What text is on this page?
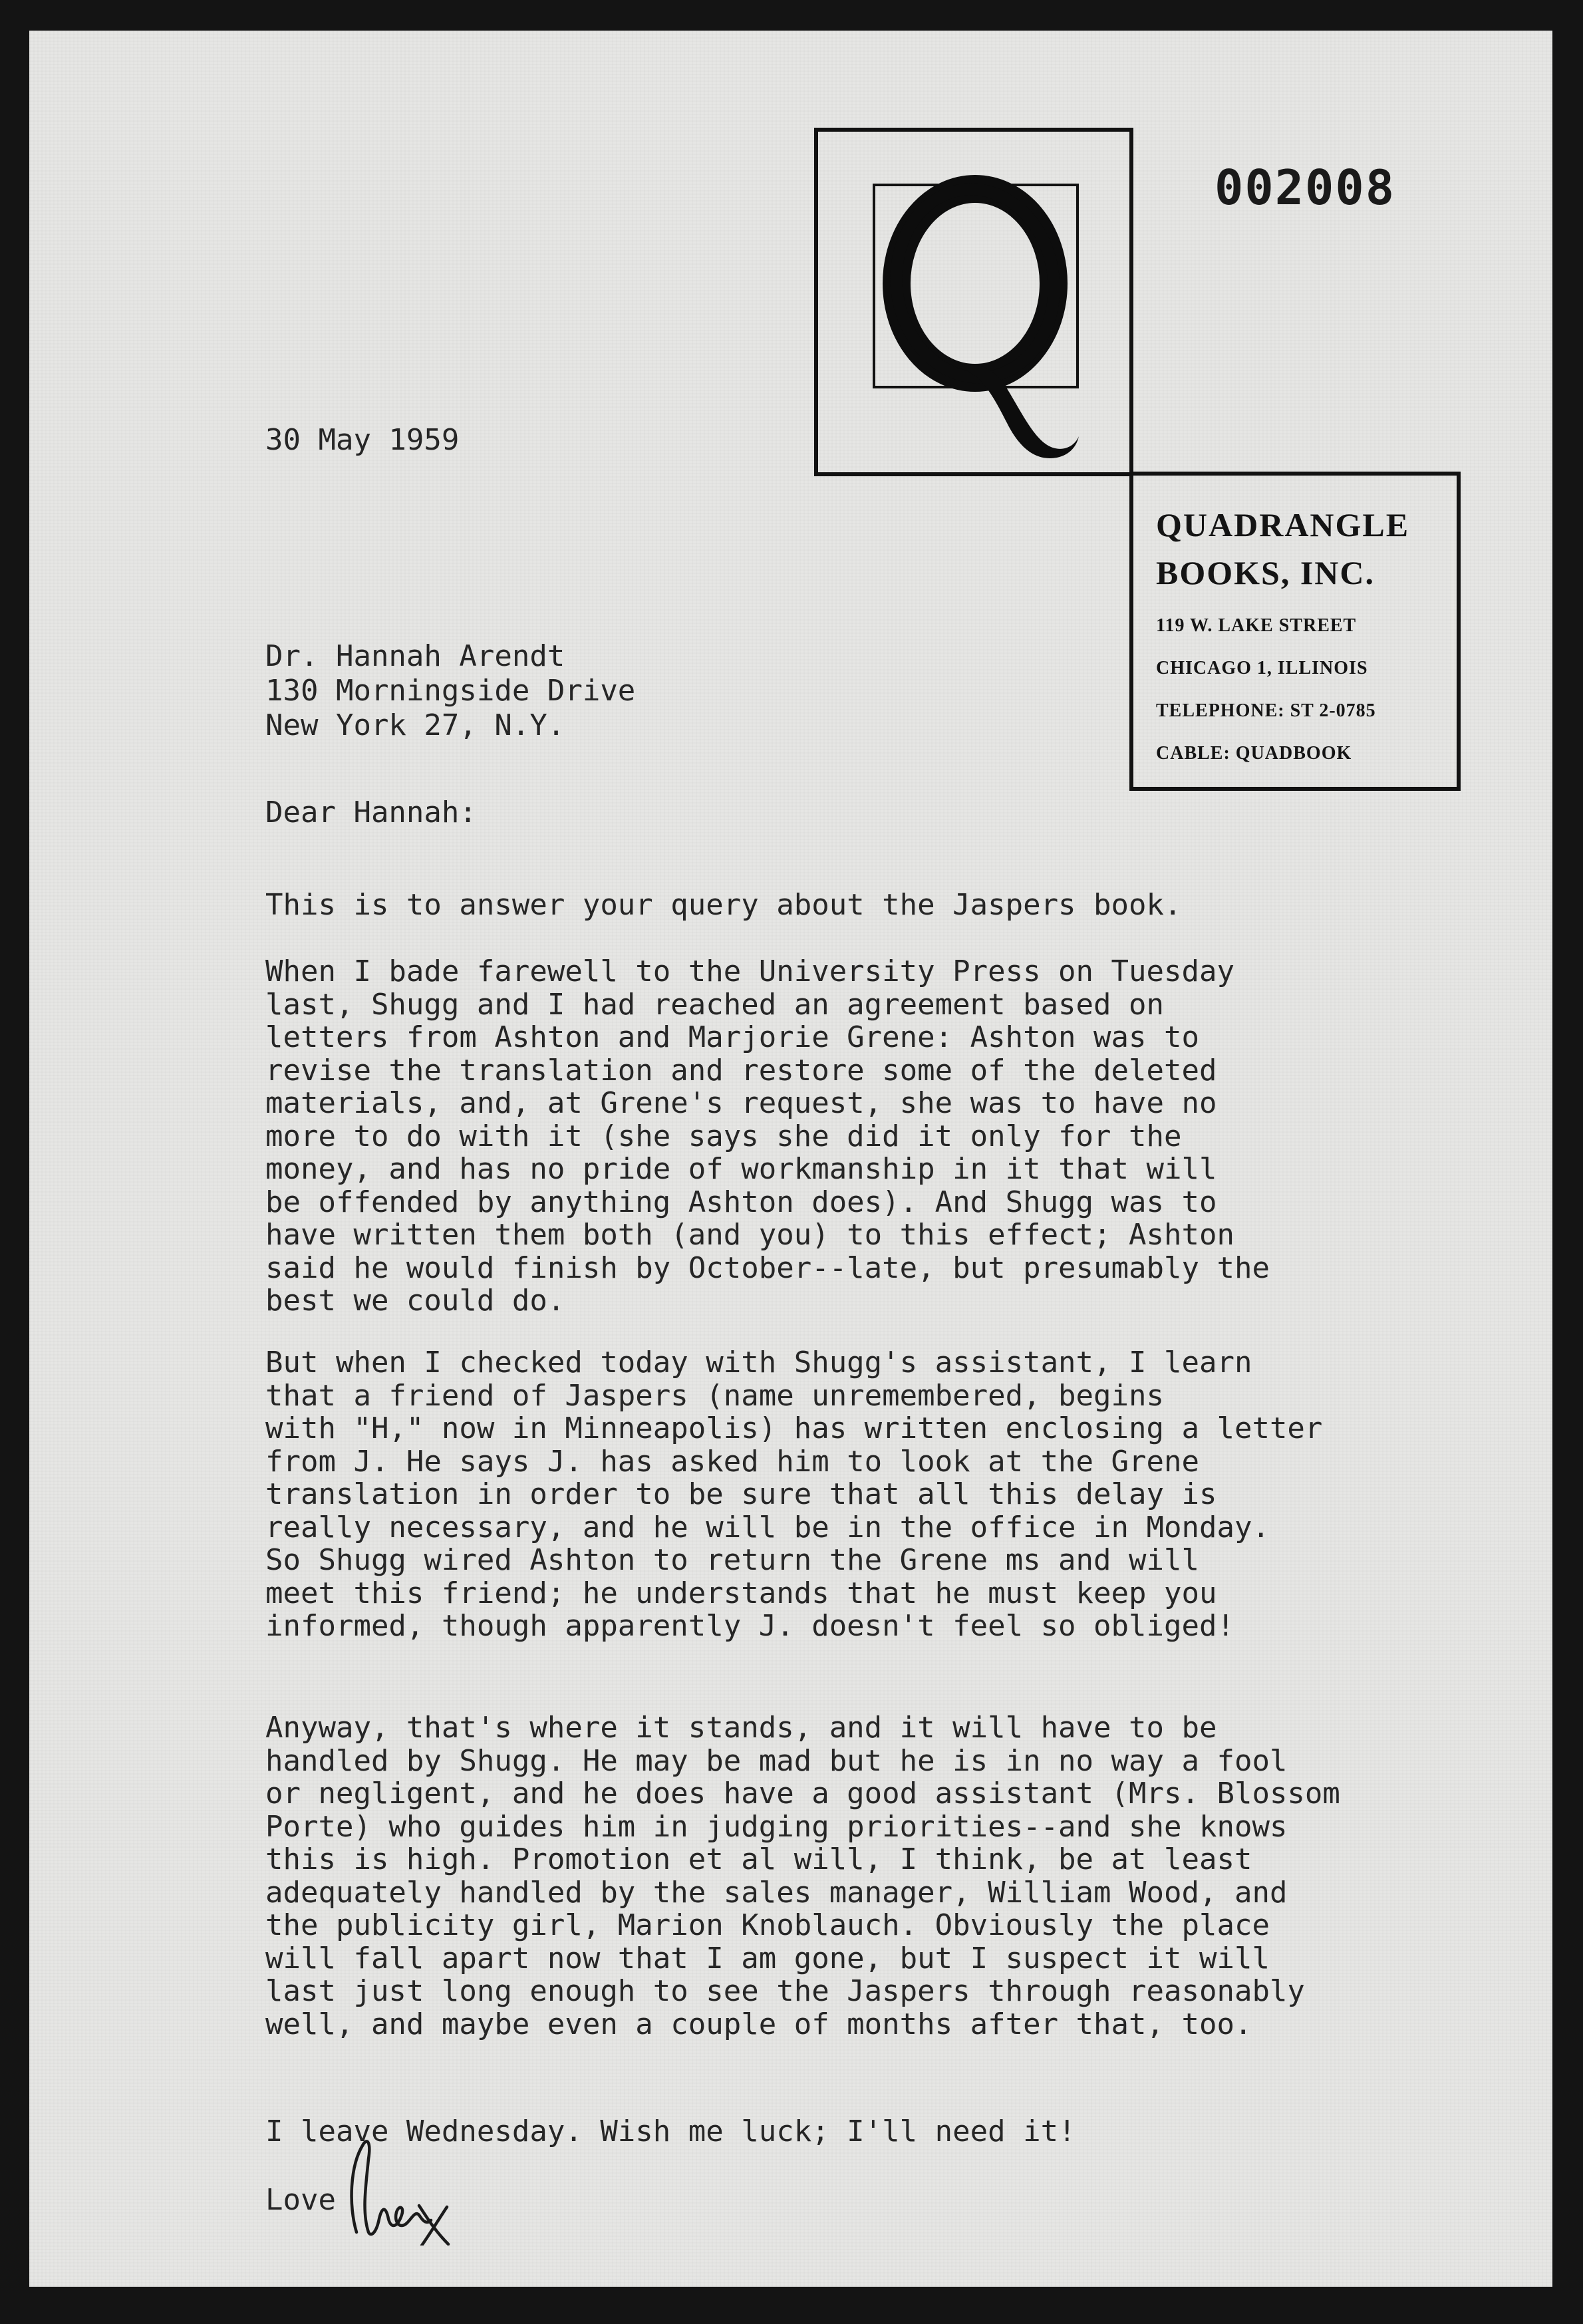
002008
QUADRANGLE
BOOKS, INC.
119 W. LAKE STREET
CHICAGO 1, ILLINOIS
TELEPHONE: ST 2-0785
CABLE: QUADBOOK
30 May 1959
Dr. Hannah Arendt
130 Morningside Drive
New York 27, N.Y.
Dear Hannah:
This is to answer your query about the Jaspers book.
When I bade farewell to the University Press on Tuesday
last, Shugg and I had reached an agreement based on
letters from Ashton and Marjorie Grene: Ashton was to
revise the translation and restore some of the deleted
materials, and, at Grene's request, she was to have no
more to do with it (she says she did it only for the
money, and has no pride of workmanship in it that will
be offended by anything Ashton does). And Shugg was to
have written them both (and you) to this effect; Ashton
said he would finish by October--late, but presumably the
best we could do.
But when I checked today with Shugg's assistant, I learn
that a friend of Jaspers (name unremembered, begins
with "H," now in Minneapolis) has written enclosing a letter
from J. He says J. has asked him to look at the Grene
translation in order to be sure that all this delay is
really necessary, and he will be in the office in Monday.
So Shugg wired Ashton to return the Grene ms and will
meet this friend; he understands that he must keep you
informed, though apparently J. doesn't feel so obliged!
Anyway, that's where it stands, and it will have to be
handled by Shugg. He may be mad but he is in no way a fool
or negligent, and he does have a good assistant (Mrs. Blossom
Porte) who guides him in judging priorities--and she knows
this is high. Promotion et al will, I think, be at least
adequately handled by the sales manager, William Wood, and
the publicity girl, Marion Knoblauch. Obviously the place
will fall apart now that I am gone, but I suspect it will
last just long enough to see the Jaspers through reasonably
well, and maybe even a couple of months after that, too.
I leave Wednesday. Wish me luck; I'll need it!
Love
